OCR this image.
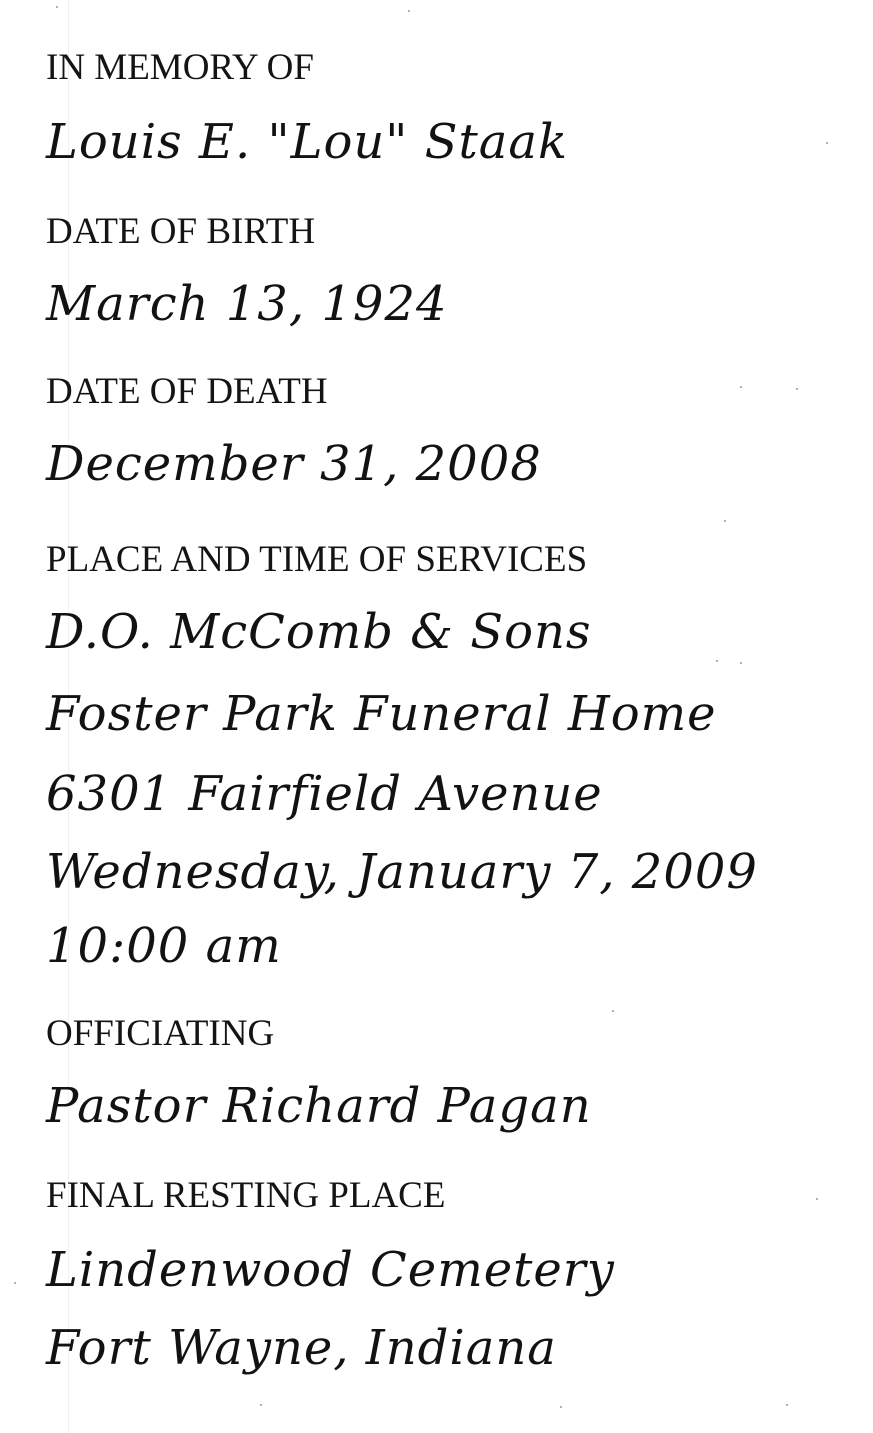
IN MEMORY OF
Louis E. "Lou" Staak
DATE OF BIRTH
March 13, 1924
DATE OF DEATH
December 31, 2008
PLACE AND TIME OF SERVICES
D.O. McComb & Sons
Foster Park Funeral Home
6301 Fairfield Avenue
Wednesday, January 7, 2009
10:00 am
OFFICIATING
Pastor Richard Pagan
FINAL RESTING PLACE
Lindenwood Cemetery
Fort Wayne, Indiana
